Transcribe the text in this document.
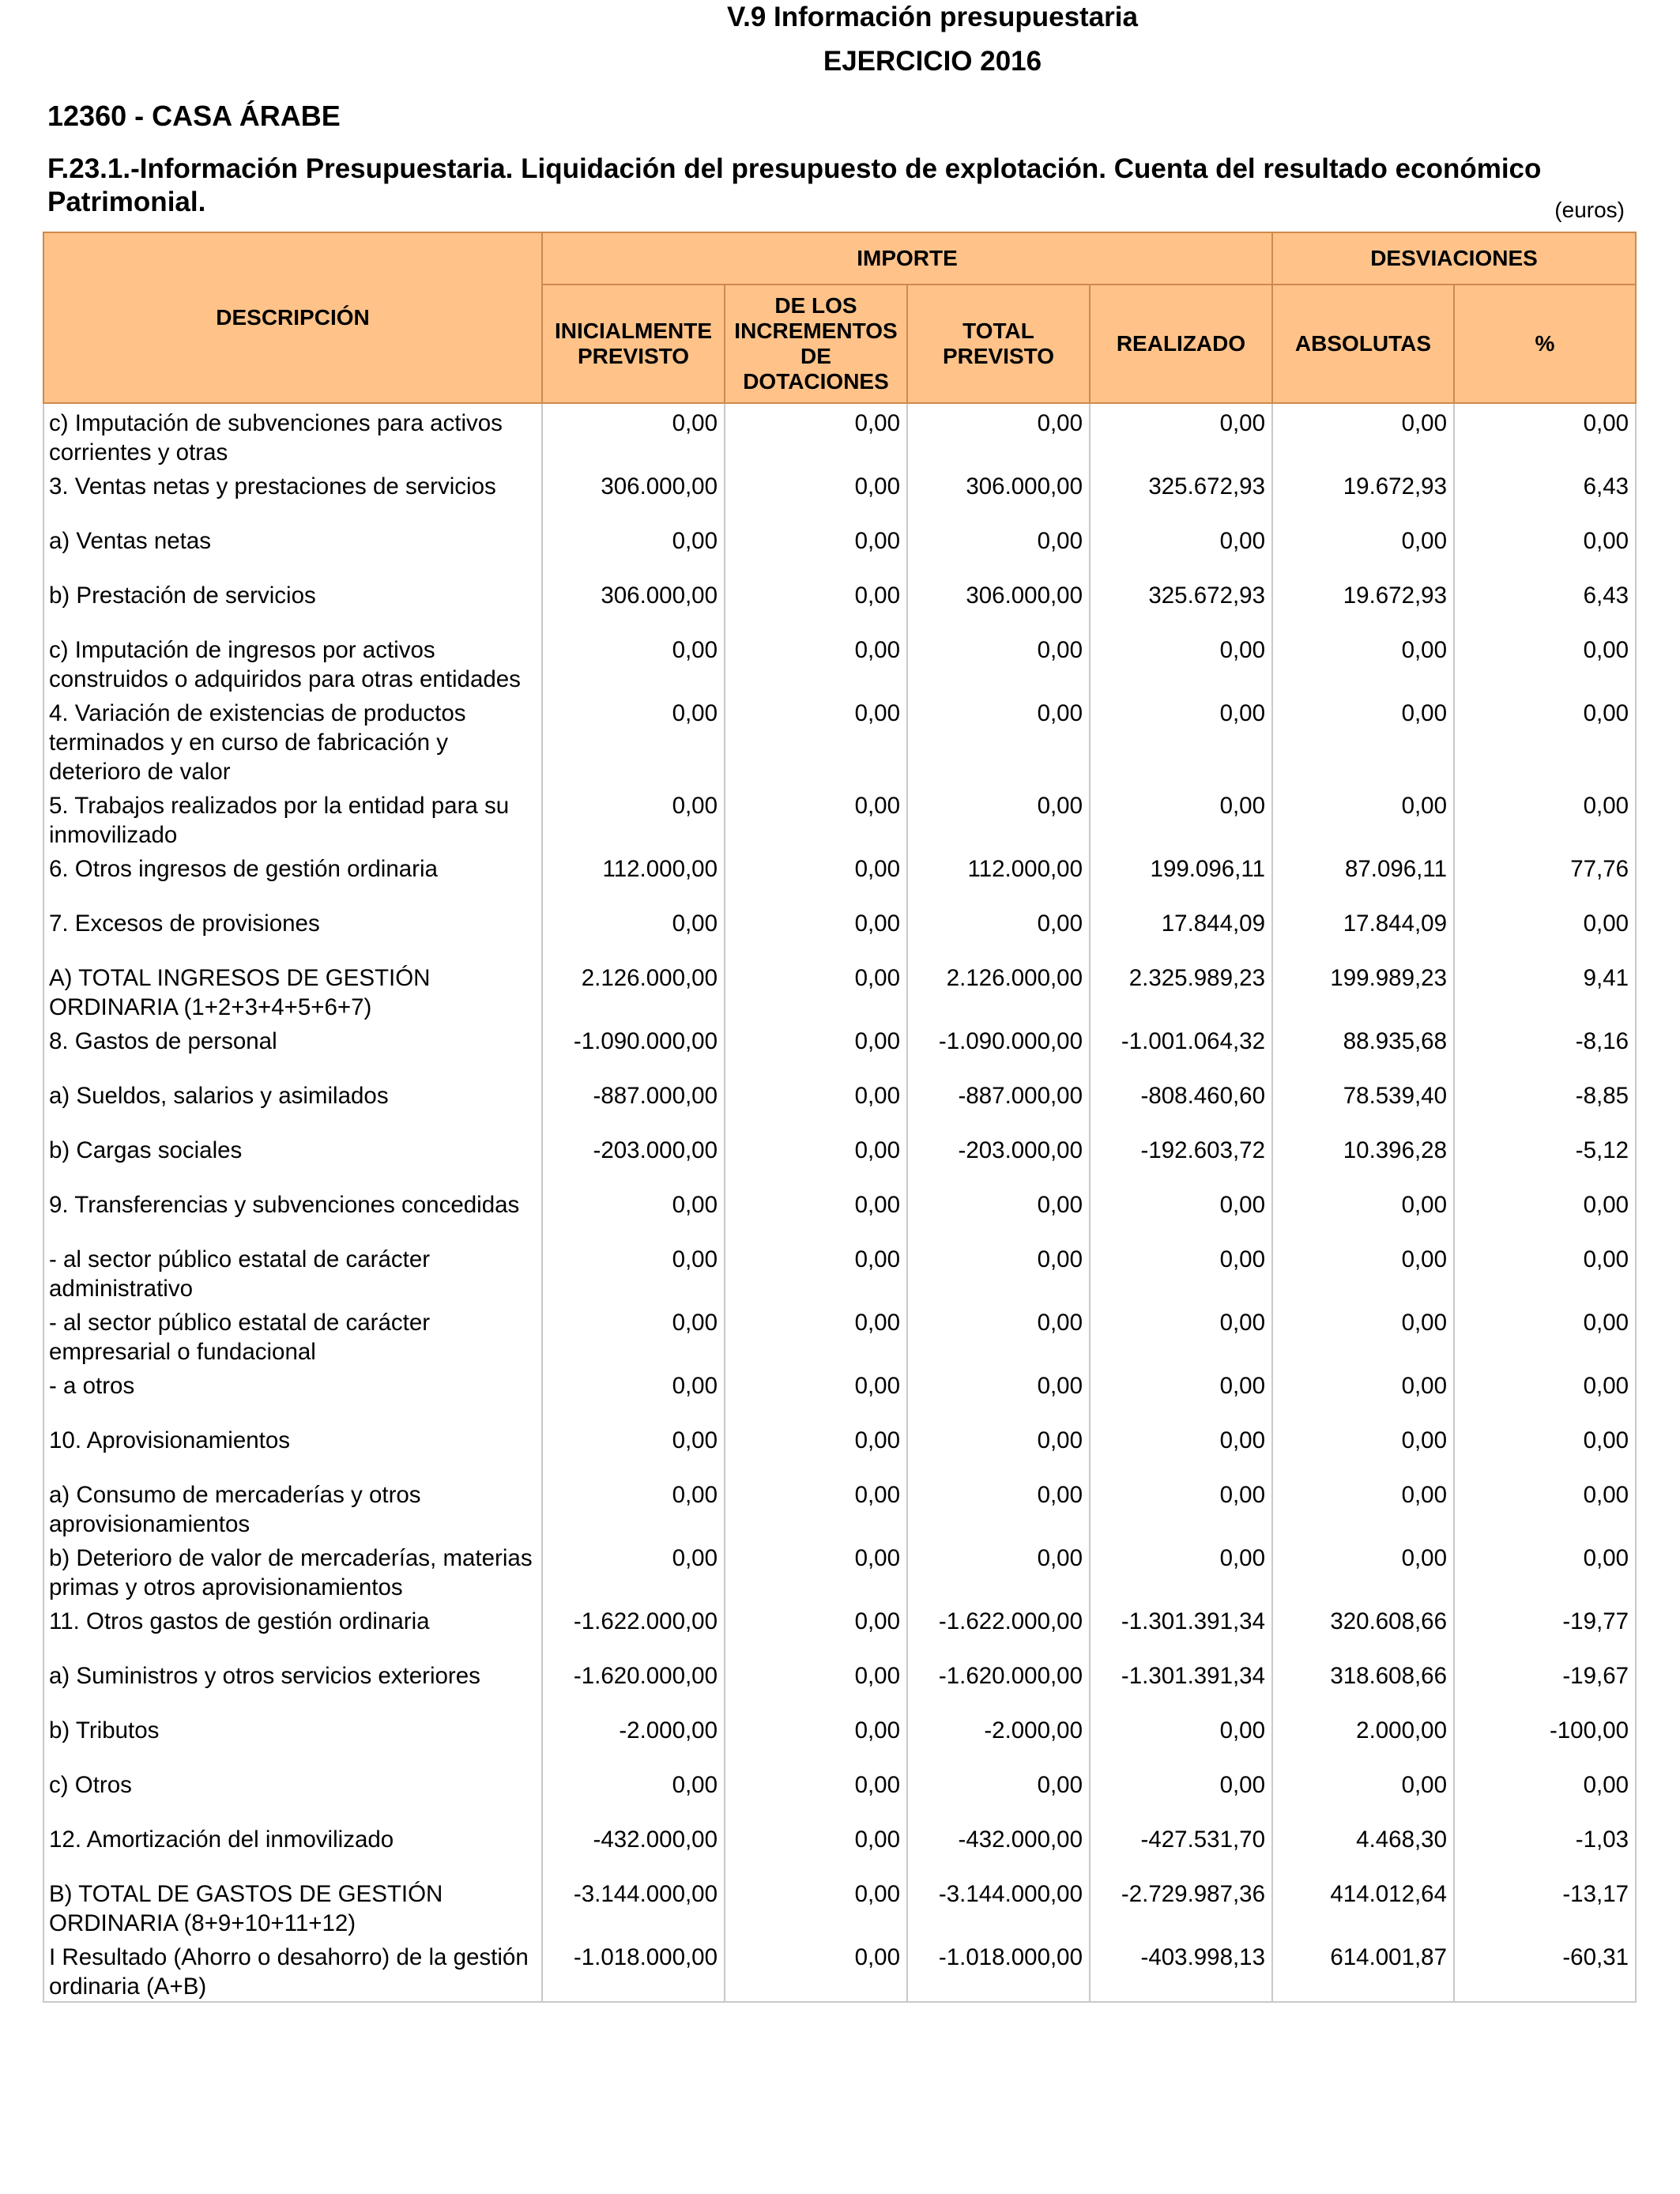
V.9 Información presupuestaria
EJERCICIO 2016
12360 - CASA ÁRABE
F.23.1.-Información Presupuestaria. Liquidación del presupuesto de explotación. Cuenta del resultado económico Patrimonial.	(euros)
DESCRIPCIÓN	IMPORTE				DESVIACIONES	
	INICIALMENTE PREVISTO	DE LOS INCREMENTOS DE DOTACIONES	TOTAL PREVISTO	REALIZADO	ABSOLUTAS	%
c) Imputación de subvenciones para activos corrientes y otras	0,00	0,00	0,00	0,00	0,00	0,00
3. Ventas netas y prestaciones de servicios	306.000,00	0,00	306.000,00	325.672,93	19.672,93	6,43
a) Ventas netas	0,00	0,00	0,00	0,00	0,00	0,00
b) Prestación de servicios	306.000,00	0,00	306.000,00	325.672,93	19.672,93	6,43
c) Imputación de ingresos por activos construidos o adquiridos para otras entidades	0,00	0,00	0,00	0,00	0,00	0,00
4. Variación de existencias de productos terminados y en curso de fabricación y deterioro de valor	0,00	0,00	0,00	0,00	0,00	0,00
5. Trabajos realizados por la entidad para su inmovilizado	0,00	0,00	0,00	0,00	0,00	0,00
6. Otros ingresos de gestión ordinaria	112.000,00	0,00	112.000,00	199.096,11	87.096,11	77,76
7. Excesos de provisiones	0,00	0,00	0,00	17.844,09	17.844,09	0,00
A) TOTAL INGRESOS DE GESTIÓN ORDINARIA (1+2+3+4+5+6+7)	2.126.000,00	0,00	2.126.000,00	2.325.989,23	199.989,23	9,41
8. Gastos de personal	-1.090.000,00	0,00	-1.090.000,00	-1.001.064,32	88.935,68	-8,16
a) Sueldos, salarios y asimilados	-887.000,00	0,00	-887.000,00	-808.460,60	78.539,40	-8,85
b) Cargas sociales	-203.000,00	0,00	-203.000,00	-192.603,72	10.396,28	-5,12
9. Transferencias y subvenciones concedidas	0,00	0,00	0,00	0,00	0,00	0,00
- al sector público estatal de carácter administrativo	0,00	0,00	0,00	0,00	0,00	0,00
- al sector público estatal de carácter empresarial o fundacional	0,00	0,00	0,00	0,00	0,00	0,00
- a otros	0,00	0,00	0,00	0,00	0,00	0,00
10. Aprovisionamientos	0,00	0,00	0,00	0,00	0,00	0,00
a) Consumo de mercaderías y otros aprovisionamientos	0,00	0,00	0,00	0,00	0,00	0,00
b) Deterioro de valor de mercaderías, materias primas y otros aprovisionamientos	0,00	0,00	0,00	0,00	0,00	0,00
11. Otros gastos de gestión ordinaria	-1.622.000,00	0,00	-1.622.000,00	-1.301.391,34	320.608,66	-19,77
a) Suministros y otros servicios exteriores	-1.620.000,00	0,00	-1.620.000,00	-1.301.391,34	318.608,66	-19,67
b) Tributos	-2.000,00	0,00	-2.000,00	0,00	2.000,00	-100,00
c) Otros	0,00	0,00	0,00	0,00	0,00	0,00
12. Amortización del inmovilizado	-432.000,00	0,00	-432.000,00	-427.531,70	4.468,30	-1,03
B) TOTAL DE GASTOS DE GESTIÓN ORDINARIA (8+9+10+11+12)	-3.144.000,00	0,00	-3.144.000,00	-2.729.987,36	414.012,64	-13,17
I Resultado (Ahorro o desahorro) de la gestión ordinaria (A+B)	-1.018.000,00	0,00	-1.018.000,00	-403.998,13	614.001,87	-60,31
